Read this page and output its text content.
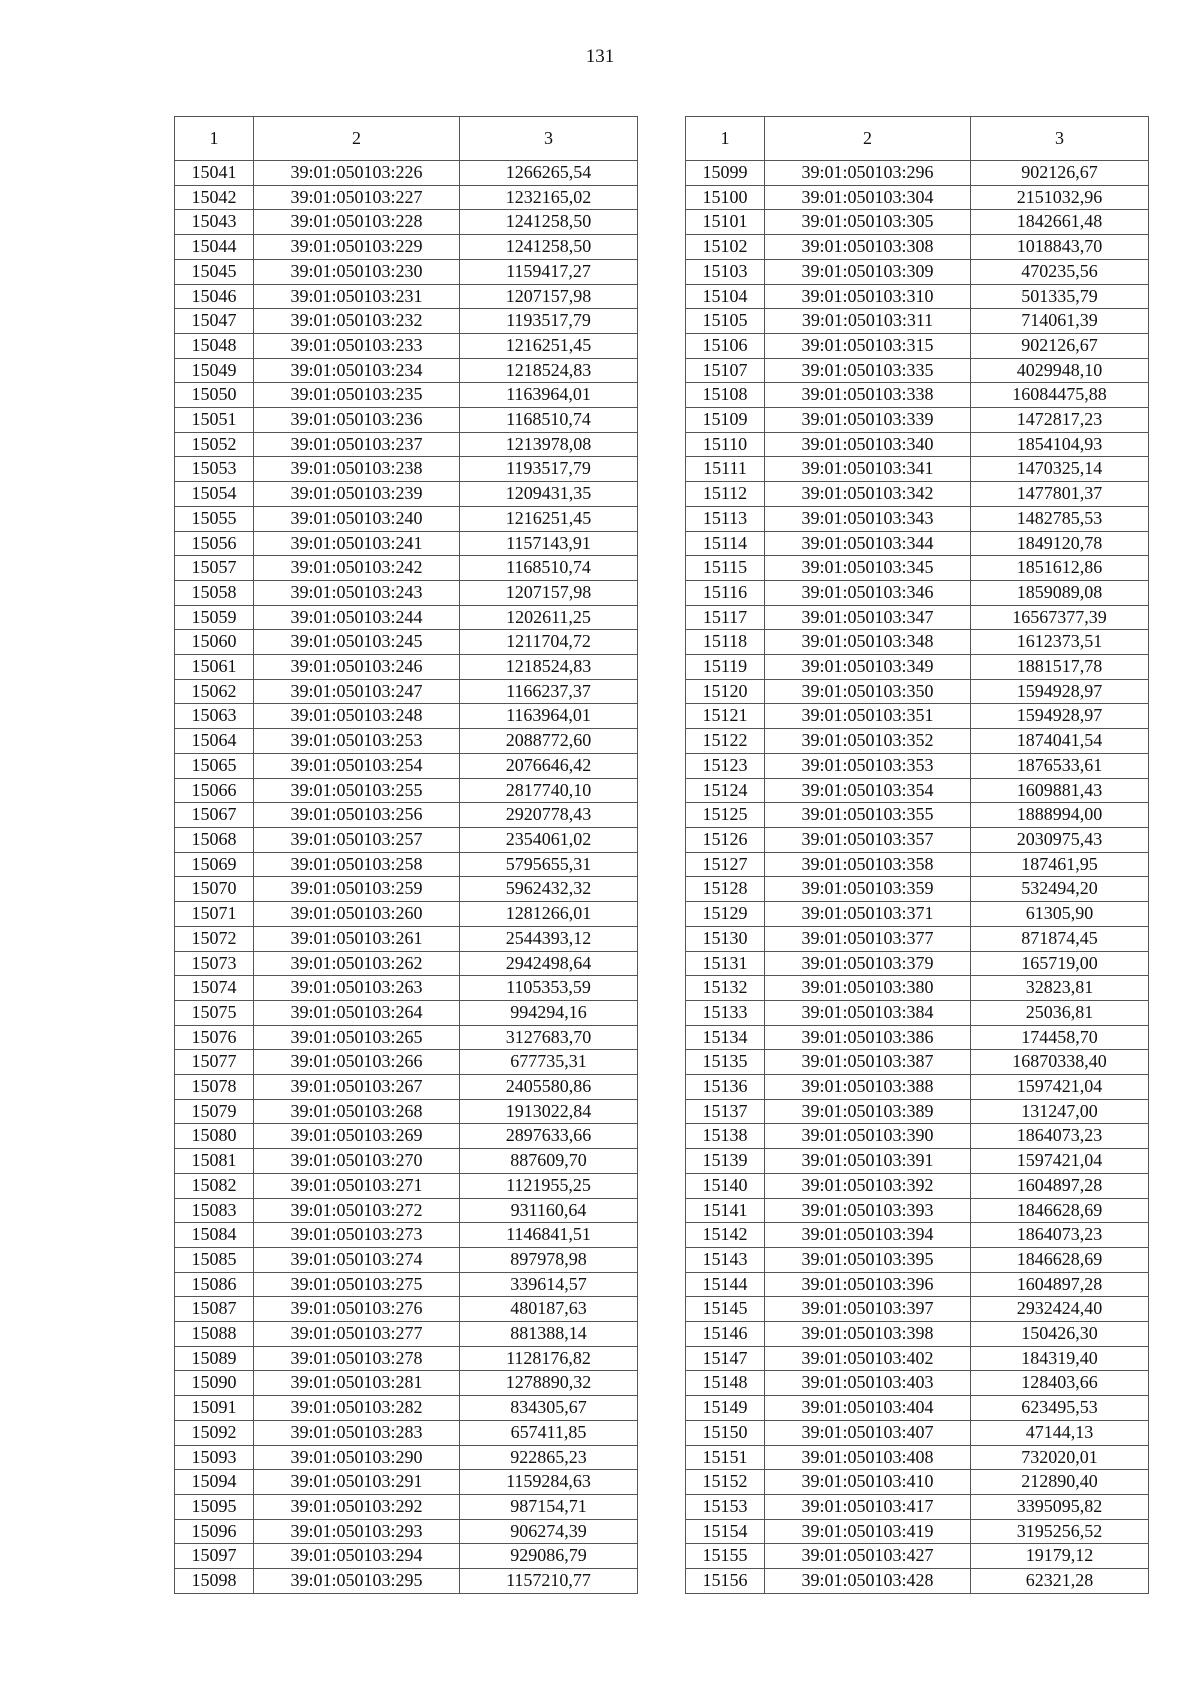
131
1	2	3
15041	39:01:050103:226	1266265,54
15042	39:01:050103:227	1232165,02
15043	39:01:050103:228	1241258,50
15044	39:01:050103:229	1241258,50
15045	39:01:050103:230	1159417,27
15046	39:01:050103:231	1207157,98
15047	39:01:050103:232	1193517,79
15048	39:01:050103:233	1216251,45
15049	39:01:050103:234	1218524,83
15050	39:01:050103:235	1163964,01
15051	39:01:050103:236	1168510,74
15052	39:01:050103:237	1213978,08
15053	39:01:050103:238	1193517,79
15054	39:01:050103:239	1209431,35
15055	39:01:050103:240	1216251,45
15056	39:01:050103:241	1157143,91
15057	39:01:050103:242	1168510,74
15058	39:01:050103:243	1207157,98
15059	39:01:050103:244	1202611,25
15060	39:01:050103:245	1211704,72
15061	39:01:050103:246	1218524,83
15062	39:01:050103:247	1166237,37
15063	39:01:050103:248	1163964,01
15064	39:01:050103:253	2088772,60
15065	39:01:050103:254	2076646,42
15066	39:01:050103:255	2817740,10
15067	39:01:050103:256	2920778,43
15068	39:01:050103:257	2354061,02
15069	39:01:050103:258	5795655,31
15070	39:01:050103:259	5962432,32
15071	39:01:050103:260	1281266,01
15072	39:01:050103:261	2544393,12
15073	39:01:050103:262	2942498,64
15074	39:01:050103:263	1105353,59
15075	39:01:050103:264	994294,16
15076	39:01:050103:265	3127683,70
15077	39:01:050103:266	677735,31
15078	39:01:050103:267	2405580,86
15079	39:01:050103:268	1913022,84
15080	39:01:050103:269	2897633,66
15081	39:01:050103:270	887609,70
15082	39:01:050103:271	1121955,25
15083	39:01:050103:272	931160,64
15084	39:01:050103:273	1146841,51
15085	39:01:050103:274	897978,98
15086	39:01:050103:275	339614,57
15087	39:01:050103:276	480187,63
15088	39:01:050103:277	881388,14
15089	39:01:050103:278	1128176,82
15090	39:01:050103:281	1278890,32
15091	39:01:050103:282	834305,67
15092	39:01:050103:283	657411,85
15093	39:01:050103:290	922865,23
15094	39:01:050103:291	1159284,63
15095	39:01:050103:292	987154,71
15096	39:01:050103:293	906274,39
15097	39:01:050103:294	929086,79
15098	39:01:050103:295	1157210,77
1	2	3
15099	39:01:050103:296	902126,67
15100	39:01:050103:304	2151032,96
15101	39:01:050103:305	1842661,48
15102	39:01:050103:308	1018843,70
15103	39:01:050103:309	470235,56
15104	39:01:050103:310	501335,79
15105	39:01:050103:311	714061,39
15106	39:01:050103:315	902126,67
15107	39:01:050103:335	4029948,10
15108	39:01:050103:338	16084475,88
15109	39:01:050103:339	1472817,23
15110	39:01:050103:340	1854104,93
15111	39:01:050103:341	1470325,14
15112	39:01:050103:342	1477801,37
15113	39:01:050103:343	1482785,53
15114	39:01:050103:344	1849120,78
15115	39:01:050103:345	1851612,86
15116	39:01:050103:346	1859089,08
15117	39:01:050103:347	16567377,39
15118	39:01:050103:348	1612373,51
15119	39:01:050103:349	1881517,78
15120	39:01:050103:350	1594928,97
15121	39:01:050103:351	1594928,97
15122	39:01:050103:352	1874041,54
15123	39:01:050103:353	1876533,61
15124	39:01:050103:354	1609881,43
15125	39:01:050103:355	1888994,00
15126	39:01:050103:357	2030975,43
15127	39:01:050103:358	187461,95
15128	39:01:050103:359	532494,20
15129	39:01:050103:371	61305,90
15130	39:01:050103:377	871874,45
15131	39:01:050103:379	165719,00
15132	39:01:050103:380	32823,81
15133	39:01:050103:384	25036,81
15134	39:01:050103:386	174458,70
15135	39:01:050103:387	16870338,40
15136	39:01:050103:388	1597421,04
15137	39:01:050103:389	131247,00
15138	39:01:050103:390	1864073,23
15139	39:01:050103:391	1597421,04
15140	39:01:050103:392	1604897,28
15141	39:01:050103:393	1846628,69
15142	39:01:050103:394	1864073,23
15143	39:01:050103:395	1846628,69
15144	39:01:050103:396	1604897,28
15145	39:01:050103:397	2932424,40
15146	39:01:050103:398	150426,30
15147	39:01:050103:402	184319,40
15148	39:01:050103:403	128403,66
15149	39:01:050103:404	623495,53
15150	39:01:050103:407	47144,13
15151	39:01:050103:408	732020,01
15152	39:01:050103:410	212890,40
15153	39:01:050103:417	3395095,82
15154	39:01:050103:419	3195256,52
15155	39:01:050103:427	19179,12
15156	39:01:050103:428	62321,28
